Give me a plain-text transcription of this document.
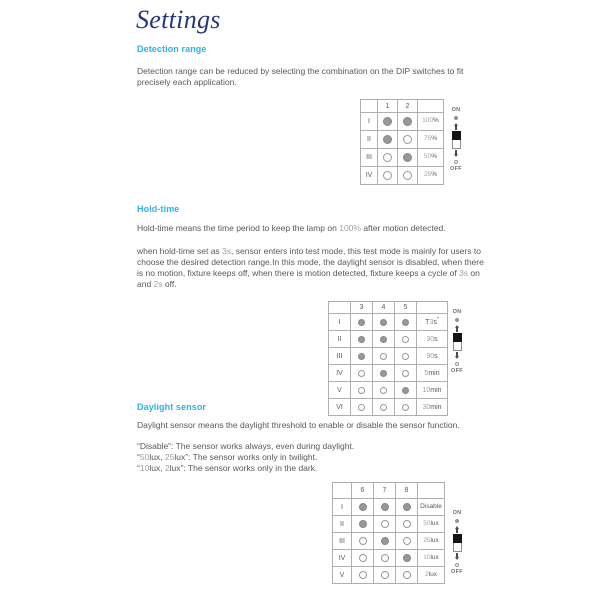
Settings
Detection range
Detection range can be reduced by selecting the combination on the DIP switches to fit
precisely each application.
	1	2	
I			100%
II			75%
III			50%
IV			25%
ON
OFF
Hold-time
Hold-time means the time period to keep the lamp on 100% after motion detected.
when hold-time set as 3s, sensor enters into test mode, this test mode is mainly for users to
choose the desired detection range.In this mode, the daylight sensor is disabled, when there
is no motion, fixture keeps off, when there is motion detected, fixture keeps a cycle of 3s on
and 2s off.
	3	4	5	
I				T3s*
II				30s
III				90s
IV				5min
V				10min
VI				30min
ON
OFF
Daylight sensor
Daylight sensor means the daylight threshold to enable or disable the sensor function.
“Disable”: The sensor works always, even during daylight.
“50lux, 25lux”: The sensor works only in twilight.
“10lux, 2lux”: The sensor works only in the dark.
	6	7	8	
I				Disable
II				50lux
III				25lux
IV				10lux
V				2lux
ON
OFF
